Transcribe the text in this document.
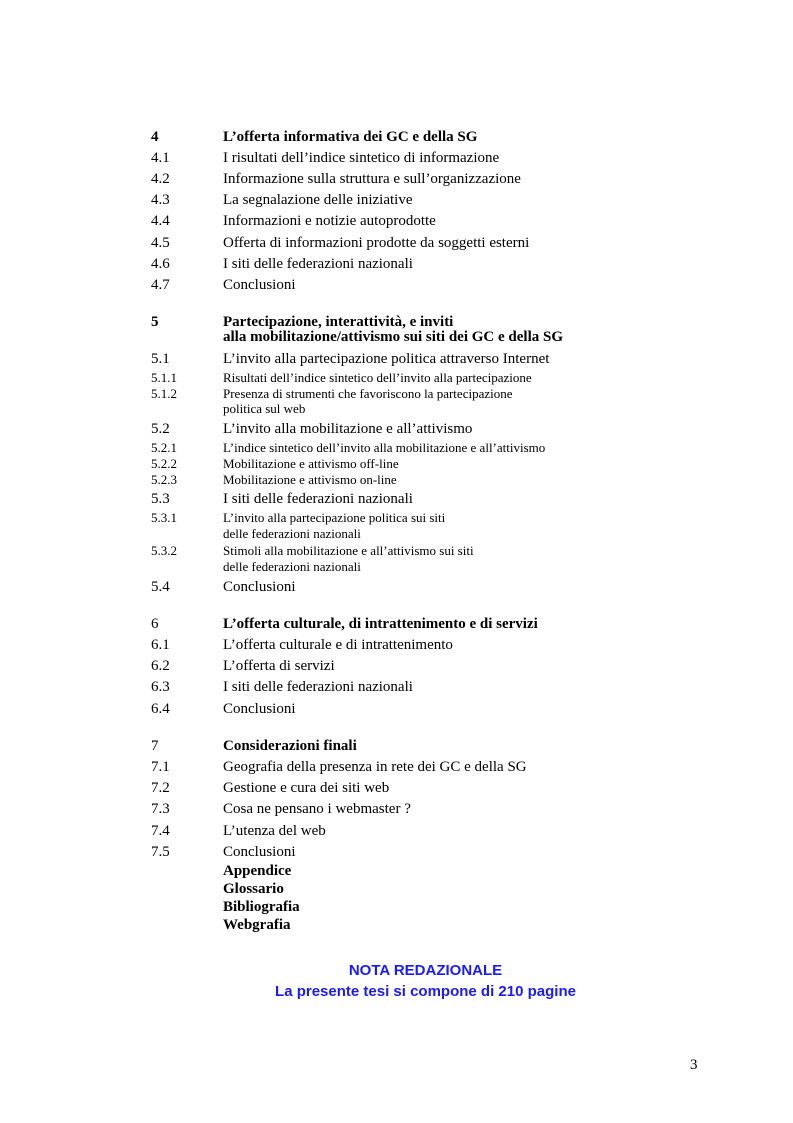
4	L’offerta informativa dei GC e della SG
4.1	I risultati dell’indice sintetico di informazione
4.2	Informazione sulla struttura e sull’organizzazione
4.3	La segnalazione delle iniziative
4.4	Informazioni e notizie autoprodotte
4.5	Offerta di informazioni prodotte da soggetti esterni
4.6	I siti delle federazioni nazionali
4.7	Conclusioni
5	Partecipazione, interattività, e inviti
alla mobilitazione/attivismo sui siti dei GC e della SG
5.1	L’invito alla partecipazione politica attraverso Internet
5.1.1	Risultati dell’indice sintetico dell’invito alla partecipazione
5.1.2	Presenza di strumenti che favoriscono la partecipazione
politica sul web
5.2	L’invito alla mobilitazione e all’attivismo
5.2.1	L’indice sintetico dell’invito alla mobilitazione e all’attivismo
5.2.2	Mobilitazione e attivismo off-line
5.2.3	Mobilitazione e attivismo on-line
5.3	I siti delle federazioni nazionali
5.3.1	L’invito alla partecipazione politica sui siti
delle federazioni nazionali
5.3.2	Stimoli alla mobilitazione e all’attivismo sui siti
delle federazioni nazionali
5.4	Conclusioni
6	L’offerta culturale, di intrattenimento e di servizi
6.1	L’offerta culturale e di intrattenimento
6.2	L’offerta di servizi
6.3	I siti delle federazioni nazionali
6.4	Conclusioni
7	Considerazioni finali
7.1	Geografia della presenza in rete dei GC e della SG
7.2	Gestione e cura dei siti web
7.3	Cosa ne pensano i webmaster ?
7.4	L’utenza del web
7.5	Conclusioni
Appendice
Glossario
Bibliografia
Webgrafia
NOTA REDAZIONALE
La presente tesi si compone di 210 pagine
3
